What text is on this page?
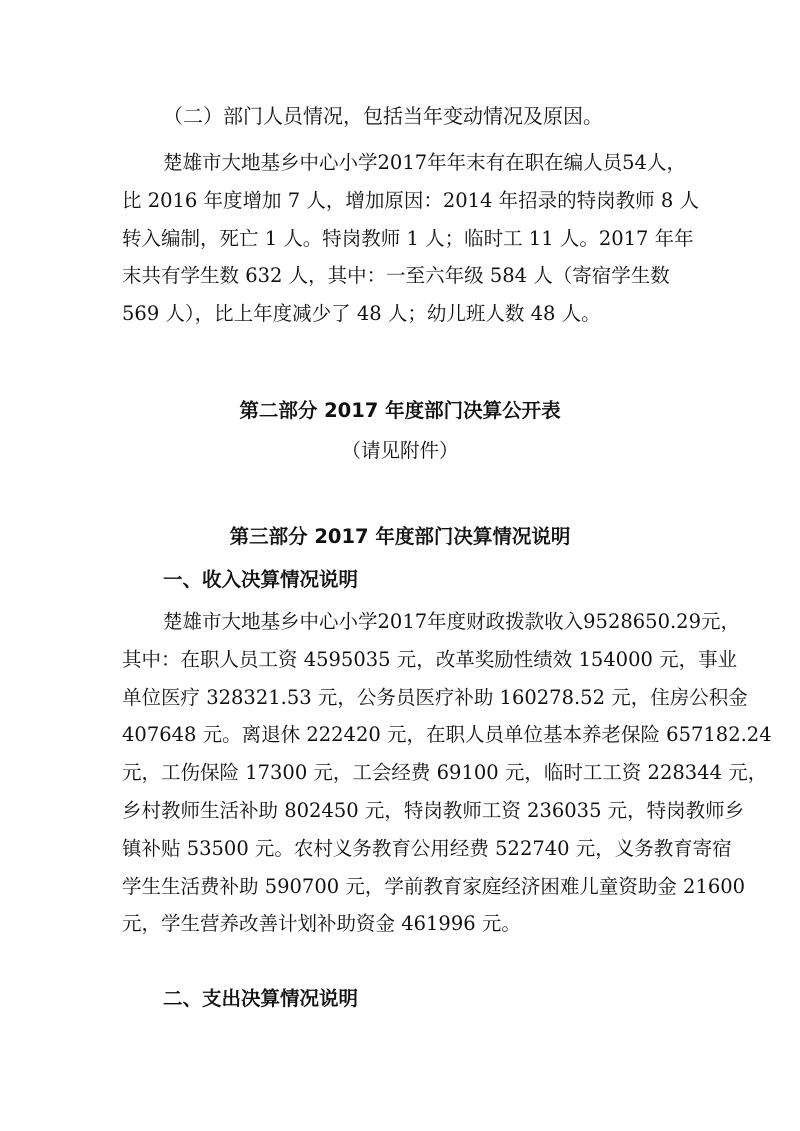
（二）部门人员情况，包括当年变动情况及原因。

楚雄市大地基乡中心小学2017年年末有在职在编人员54人，
比 2016 年度增加 7 人，增加原因：2014 年招录的特岗教师 8 人
转入编制，死亡 1 人。特岗教师 1 人；临时工 11 人。2017 年年
末共有学生数 632 人，其中：一至六年级 584 人（寄宿学生数
569 人），比上年度减少了 48 人；幼儿班人数 48 人。

第二部分 2017 年度部门决算公开表

（请见附件）

第三部分 2017 年度部门决算情况说明
一、收入决算情况说明

楚雄市大地基乡中心小学2017年度财政拨款收入9528650.29元，
其中：在职人员工资 4595035 元，改革奖励性绩效 154000 元，事业
单位医疗 328321.53 元，公务员医疗补助 160278.52 元，住房公积金
407648 元。离退休 222420 元，在职人员单位基本养老保险 657182.24
元，工伤保险 17300 元，工会经费 69100 元，临时工工资 228344 元，
乡村教师生活补助 802450 元，特岗教师工资 236035 元，特岗教师乡
镇补贴 53500 元。农村义务教育公用经费 522740 元，义务教育寄宿
学生生活费补助 590700 元，学前教育家庭经济困难儿童资助金 21600
元，学生营养改善计划补助资金 461996 元。

二、支出决算情况说明
